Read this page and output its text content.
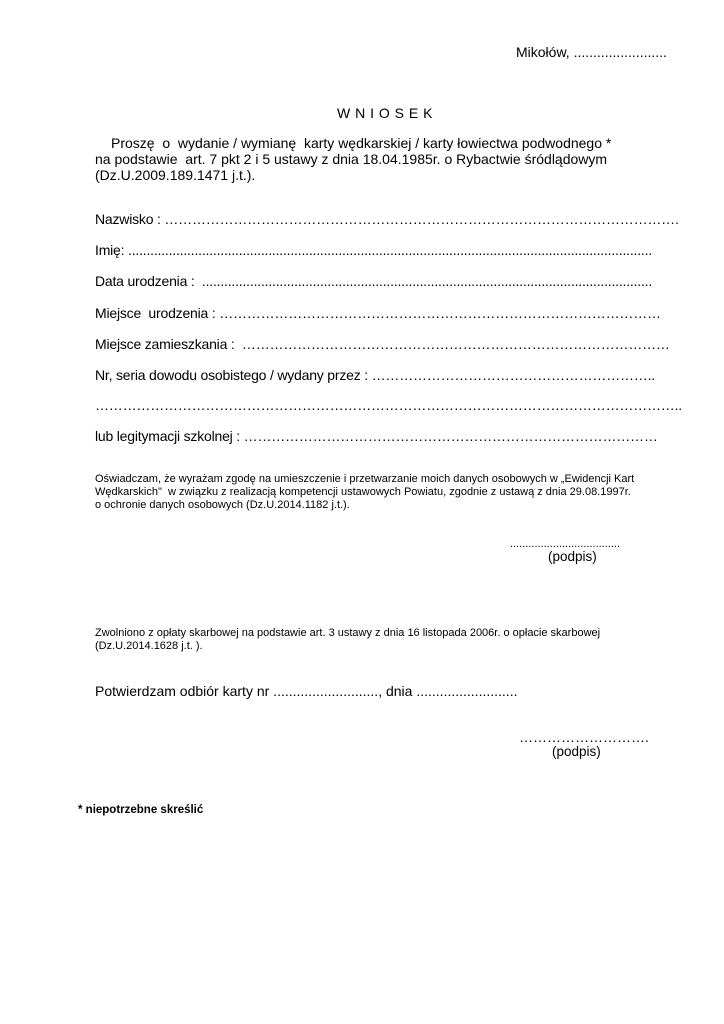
Mikołów, ........................
W N I O S E K
Proszę  o  wydanie / wymianę  karty wędkarskiej / karty łowiectwa podwodnego *
na podstawie  art. 7 pkt 2 i 5 ustawy z dnia 18.04.1985r. o Rybactwie śródlądowym
(Dz.U.2009.189.1471 j.t.).
Nazwisko : ………………………………………………………………………………………………….
Imię: ..............................................................................................................................................
Data urodzenia :  ..........................................................................................................................
Miejsce  urodzenia : ……………………………………………………………………………………
Miejsce zamieszkania :  …………………………………………………………………………………
Nr, seria dowodu osobistego / wydany przez : ……………………………………………………..
………………………………………………………………………………………………………………..
lub legitymacji szkolnej : ………………………………………………………………………………
Oświadczam, że wyrażam zgodę na umieszczenie i przetwarzanie moich danych osobowych w „Ewidencji Kart
Wędkarskich"  w związku z realizacją kompetencji ustawowych Powiatu, zgodnie z ustawą z dnia 29.08.1997r.
o ochronie danych osobowych (Dz.U.2014.1182 j.t.).
....................................
(podpis)
Zwolniono z opłaty skarbowej na podstawie art. 3 ustawy z dnia 16 listopada 2006r. o opłacie skarbowej
(Dz.U.2014.1628 j.t. ).
Potwierdzam odbiór karty nr ..........................., dnia ..........................
……………………….
(podpis)
* niepotrzebne skreślić
